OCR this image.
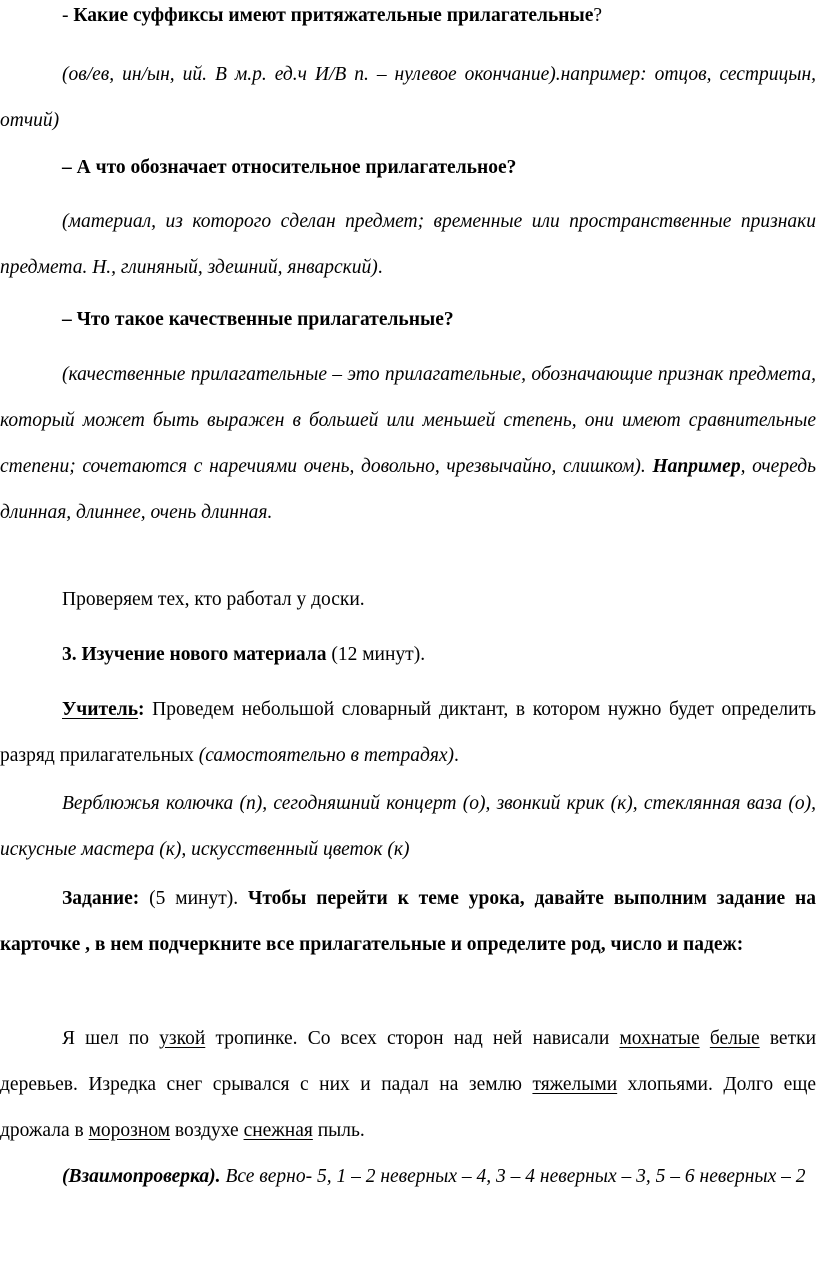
- Какие суффиксы имеют притяжательные прилагательные?

(ов/ев, ин/ын, ий. В м.р. ед.ч И/В п. – нулевое окончание).например: отцов, сестрицын, отчий)

– А что обозначает относительное прилагательное?

(материал, из которого сделан предмет; временные или пространственные признаки предмета. Н., глиняный, здешний, январский).

– Что такое качественные прилагательные?

(качественные прилагательные – это прилагательные, обозначающие признак предмета, который может быть выражен в большей или меньшей степень, они имеют сравнительные степени; сочетаются с наречиями очень, довольно, чрезвычайно, слишком). Например, очередь длинная, длиннее, очень длинная.

Проверяем тех, кто работал у доски.

3. Изучение нового материала (12 минут).

Учитель: Проведем небольшой словарный диктант, в котором нужно будет определить разряд прилагательных (самостоятельно в тетрадях).

Верблюжья колючка (п), сегодняшний концерт (о), звонкий крик (к), стеклянная ваза (о), искусные мастера (к), искусственный цветок (к)

Задание: (5 минут). Чтобы перейти к теме урока, давайте выполним задание на карточке , в нем подчеркните все прилагательные и определите род, число и падеж:

Я шел по узкой тропинке. Со всех сторон над ней нависали мохнатые белые ветки деревьев. Изредка снег срывался с них и падал на землю тяжелыми хлопьями. Долго еще дрожала в морозном воздухе снежная пыль.

(Взаимопроверка). Все верно- 5, 1 – 2 неверных – 4, 3 – 4 неверных – 3, 5 – 6 неверных – 2
